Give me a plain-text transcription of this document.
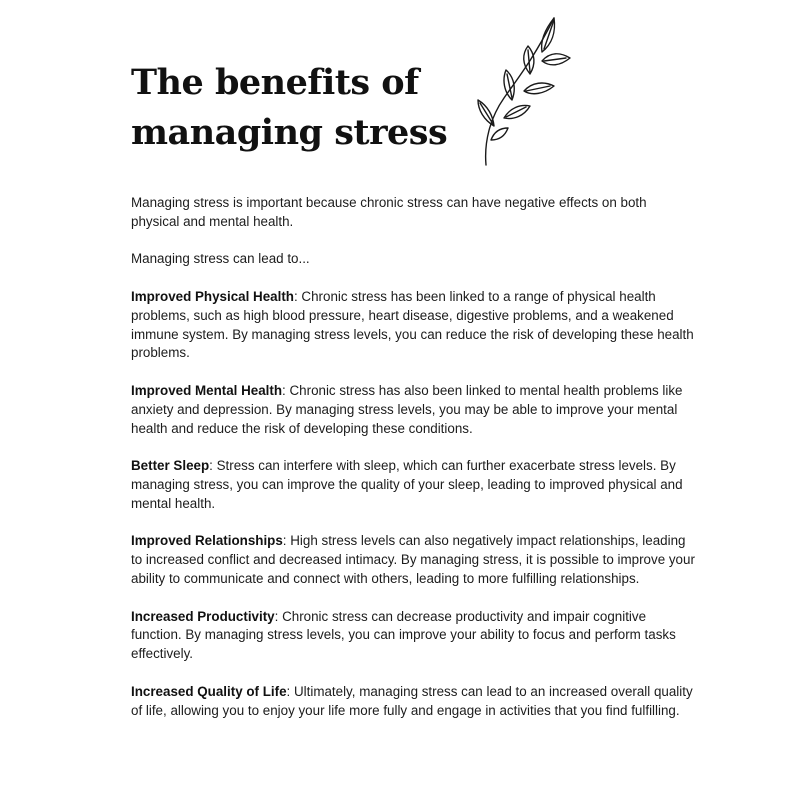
The benefits of
managing stress

Managing stress is important because chronic stress can have negative effects on both physical and mental health.

Managing stress can lead to...

Improved Physical Health: Chronic stress has been linked to a range of physical health problems, such as high blood pressure, heart disease, digestive problems, and a weakened immune system. By managing stress levels, you can reduce the risk of developing these health problems.

Improved Mental Health: Chronic stress has also been linked to mental health problems like anxiety and depression. By managing stress levels, you may be able to improve your mental health and reduce the risk of developing these conditions.

Better Sleep: Stress can interfere with sleep, which can further exacerbate stress levels. By managing stress, you can improve the quality of your sleep, leading to improved physical and mental health.

Improved Relationships: High stress levels can also negatively impact relationships, leading to increased conflict and decreased intimacy. By managing stress, it is possible to improve your ability to communicate and connect with others, leading to more fulfilling relationships.

Increased Productivity: Chronic stress can decrease productivity and impair cognitive function. By managing stress levels, you can improve your ability to focus and perform tasks effectively.

Increased Quality of Life: Ultimately, managing stress can lead to an increased overall quality of life, allowing you to enjoy your life more fully and engage in activities that you find fulfilling.
